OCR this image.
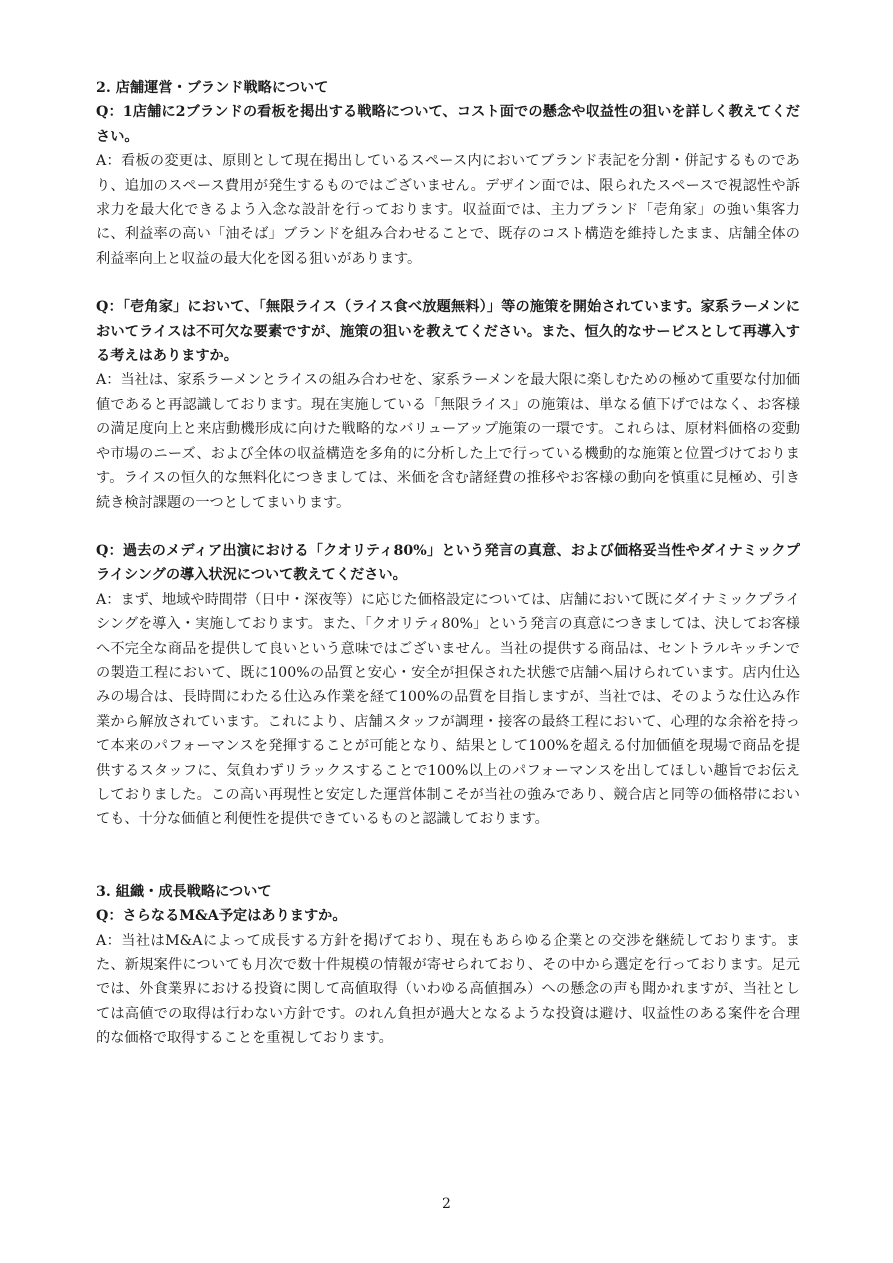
2. 店舗運営・ブランド戦略について

Q：1店舗に2ブランドの看板を掲出する戦略について、コスト面での懸念や収益性の狙いを詳しく教えてください。

A：看板の変更は、原則として現在掲出しているスペース内においてブランド表記を分割・併記するものであり、追加のスペース費用が発生するものではございません。デザイン面では、限られたスペースで視認性や訴求力を最大化できるよう入念な設計を行っております。収益面では、主力ブランド「壱角家」の強い集客力に、利益率の高い「油そば」ブランドを組み合わせることで、既存のコスト構造を維持したまま、店舗全体の利益率向上と収益の最大化を図る狙いがあります。

Q：「壱角家」において、「無限ライス（ライス食べ放題無料）」等の施策を開始されています。家系ラーメンにおいてライスは不可欠な要素ですが、施策の狙いを教えてください。また、恒久的なサービスとして再導入する考えはありますか。

A：当社は、家系ラーメンとライスの組み合わせを、家系ラーメンを最大限に楽しむための極めて重要な付加価値であると再認識しております。現在実施している「無限ライス」の施策は、単なる値下げではなく、お客様の満足度向上と来店動機形成に向けた戦略的なバリューアップ施策の一環です。これらは、原材料価格の変動や市場のニーズ、および全体の収益構造を多角的に分析した上で行っている機動的な施策と位置づけております。ライスの恒久的な無料化につきましては、米価を含む諸経費の推移やお客様の動向を慎重に見極め、引き続き検討課題の一つとしてまいります。

Q：過去のメディア出演における「クオリティ80%」という発言の真意、および価格妥当性やダイナミックプライシングの導入状況について教えてください。

A：まず、地域や時間帯（日中・深夜等）に応じた価格設定については、店舗において既にダイナミックプライシングを導入・実施しております。また、「クオリティ80%」という発言の真意につきましては、決してお客様へ不完全な商品を提供して良いという意味ではございません。当社の提供する商品は、セントラルキッチンでの製造工程において、既に100%の品質と安心・安全が担保された状態で店舗へ届けられています。店内仕込みの場合は、長時間にわたる仕込み作業を経て100%の品質を目指しますが、当社では、そのような仕込み作業から解放されています。これにより、店舗スタッフが調理・接客の最終工程において、心理的な余裕を持って本来のパフォーマンスを発揮することが可能となり、結果として100%を超える付加価値を現場で商品を提供するスタッフに、気負わずリラックスすることで100%以上のパフォーマンスを出してほしい趣旨でお伝えしておりました。この高い再現性と安定した運営体制こそが当社の強みであり、競合店と同等の価格帯においても、十分な価値と利便性を提供できているものと認識しております。

3. 組織・成長戦略について

Q：さらなるM&A予定はありますか。

A：当社はM&Aによって成長する方針を掲げており、現在もあらゆる企業との交渉を継続しております。また、新規案件についても月次で数十件規模の情報が寄せられており、その中から選定を行っております。足元では、外食業界における投資に関して高値取得（いわゆる高値掴み）への懸念の声も聞かれますが、当社としては高値での取得は行わない方針です。のれん負担が過大となるような投資は避け、収益性のある案件を合理的な価格で取得することを重視しております。

2
